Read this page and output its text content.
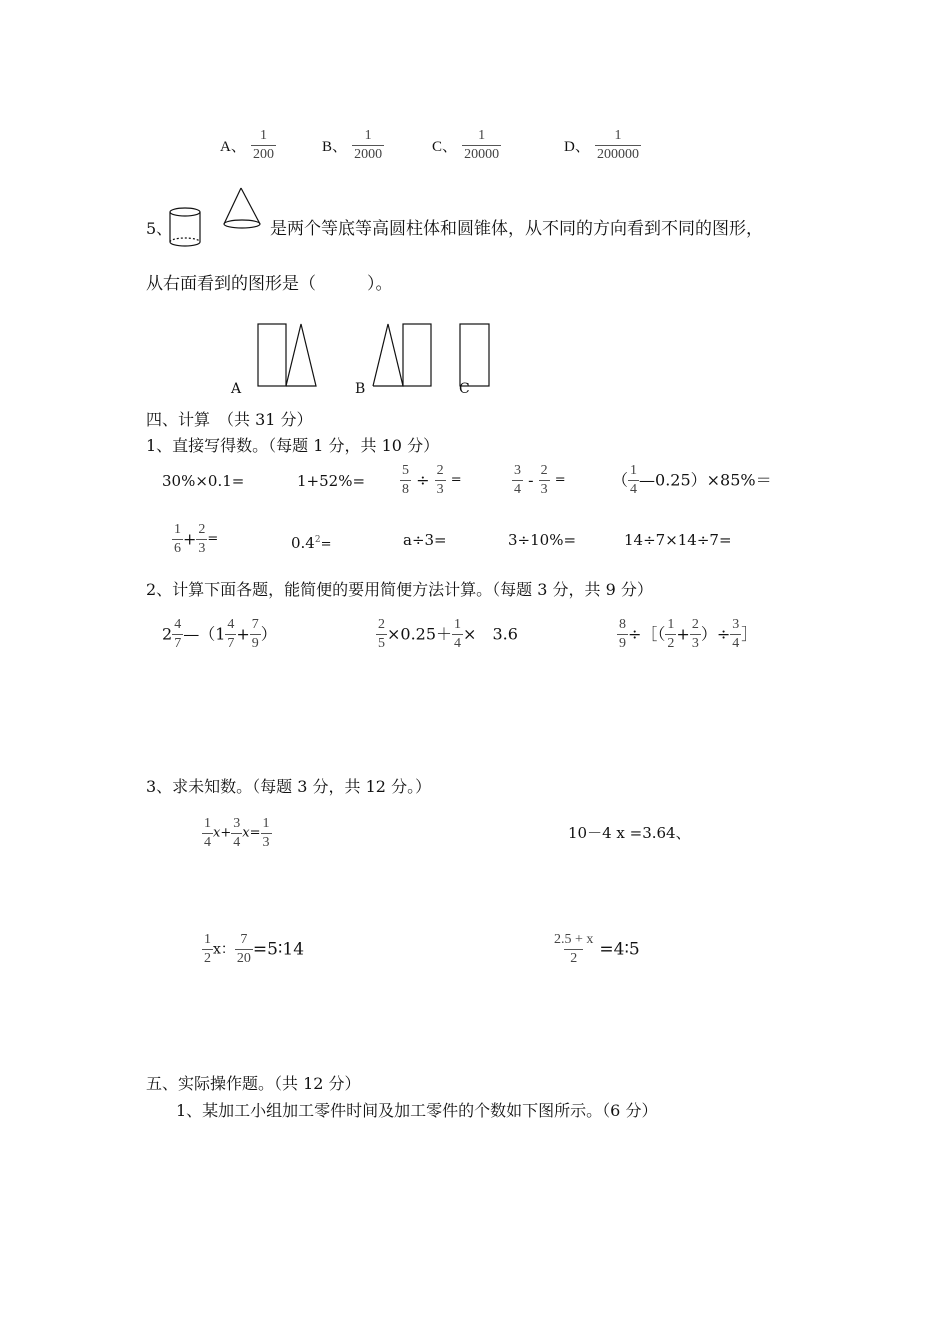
A、 $\frac{1}{200}$	B、 $\frac{1}{2000}$	C、 $\frac{1}{20000}$	D、 $\frac{1}{200000}$
5、	是两个等底等高圆柱体和圆锥体，从不同的方向看到不同的图形，
从右面看到的图形是（　　　）。
A	B	C
四、计算　（共 31 分）
1、直接写得数。（每题 1 分，共 10 分）
30%×0.1=	$1+52\%= \frac{5}{8} \div \frac{2}{3}$ =	$\frac{3}{4} - \frac{2}{3}$ =	（ $\frac{1}{4}$ —0.25）×85%＝
$\frac{1}{6} + \frac{2}{3}$ =	$0.4^2=$	a÷3=	3÷10%=	14÷7×14÷7=
2、计算下面各题，能简便的要用简便方法计算。（每题 3 分，共 9 分）
$2 \frac{4}{7}$ —（1 $\frac{4}{7} + \frac{7}{9}$ ）	$\frac{2}{5} \times 0.25+ \frac{1}{4}$ ×　3.6	$\frac{8}{9}$ ÷［（ $\frac{1}{2} + \frac{2}{3}$ ）÷ $\frac{3}{4}$ ］
3、求未知数。（每题 3 分，共 12 分。）
$\frac{1}{4} x+ \frac{3}{4} x= \frac{1}{3}$	10－4 x =3.64、
$\frac{1}{2}$ x： $\frac{7}{20}$ =5∶14	$\frac{2.5 + x}{2}$ =4∶5
五、实际操作题。（共 12 分）
1、某加工小组加工零件时间及加工零件的个数如下图所示。（6 分）
